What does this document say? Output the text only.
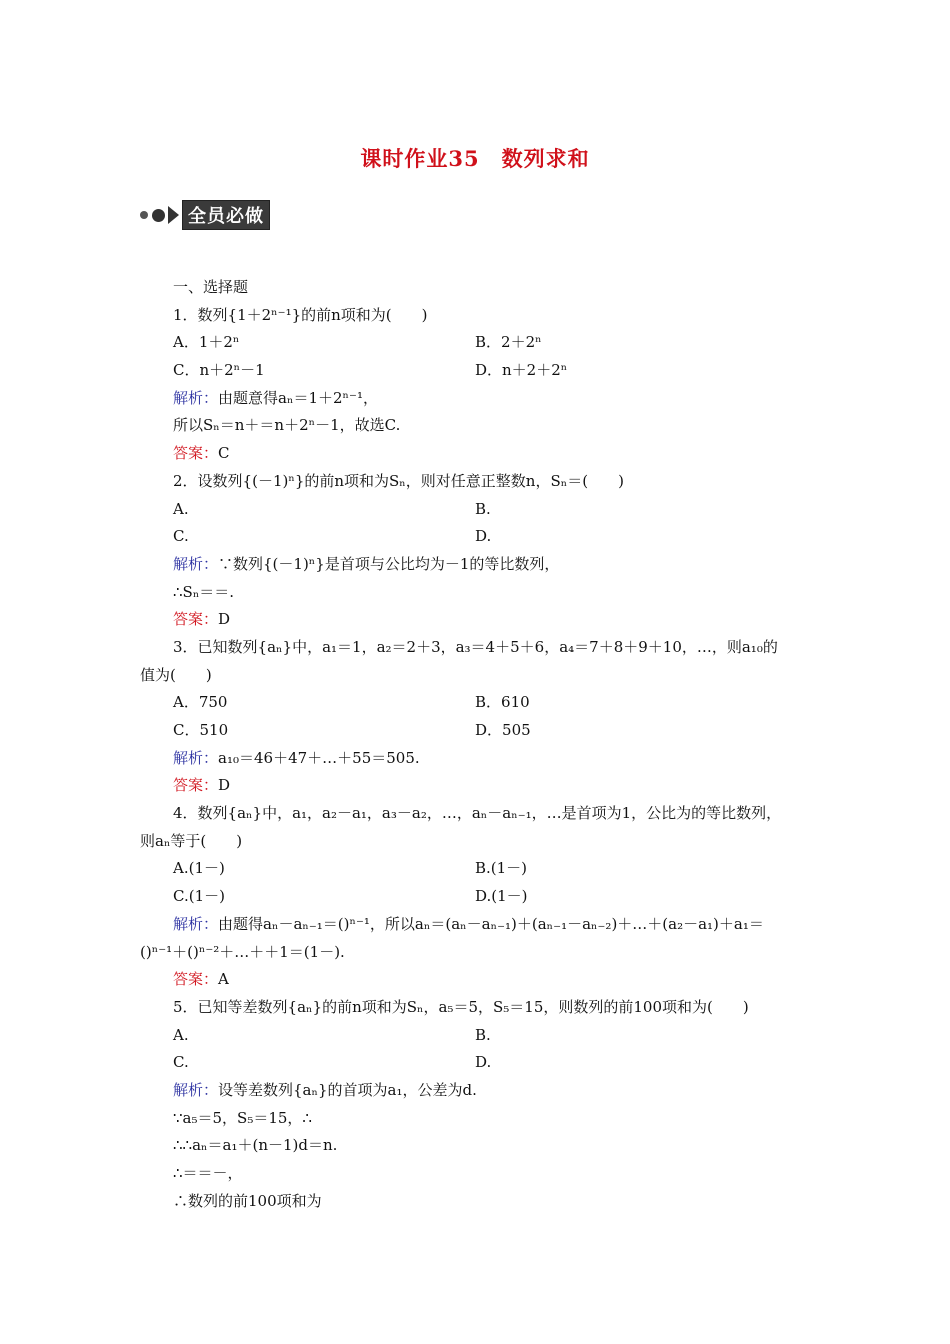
课时作业35　数列求和
全员必做
一、选择题
1．数列{1＋2ⁿ⁻¹}的前n项和为(　　)
A．1＋2ⁿ	B．2＋2ⁿ
C．n＋2ⁿ－1	D．n＋2＋2ⁿ
解析：由题意得aₙ＝1＋2ⁿ⁻¹，
所以Sₙ＝n＋＝n＋2ⁿ－1，故选C.
答案：C
2．设数列{(－1)ⁿ}的前n项和为Sₙ，则对任意正整数n，Sₙ＝(　　)
A.	B.
C.	D.
解析：∵数列{(－1)ⁿ}是首项与公比均为－1的等比数列，
∴Sₙ＝＝.
答案：D
3．已知数列{aₙ}中，a₁＝1，a₂＝2＋3，a₃＝4＋5＋6，a₄＝7＋8＋9＋10，…，则a₁₀的
值为(　　)
A．750	B．610
C．510	D．505
解析：a₁₀＝46＋47＋…＋55＝505.
答案：D
4．数列{aₙ}中，a₁，a₂－a₁，a₃－a₂，…，aₙ－aₙ₋₁，…是首项为1，公比为的等比数列，
则aₙ等于(　　)
A.(1－)	B.(1－)
C.(1－)	D.(1－)
解析：由题得aₙ－aₙ₋₁＝()ⁿ⁻¹，所以aₙ＝(aₙ－aₙ₋₁)＋(aₙ₋₁－aₙ₋₂)＋…＋(a₂－a₁)＋a₁＝
()ⁿ⁻¹＋()ⁿ⁻²＋…＋＋1＝(1－).
答案：A
5．已知等差数列{aₙ}的前n项和为Sₙ，a₅＝5，S₅＝15，则数列的前100项和为(　　)
A.	B.
C.	D.
解析：设等差数列{aₙ}的首项为a₁，公差为d.
∵a₅＝5，S₅＝15，∴
∴∴aₙ＝a₁＋(n－1)d＝n.
∴＝＝－，
∴数列的前100项和为
